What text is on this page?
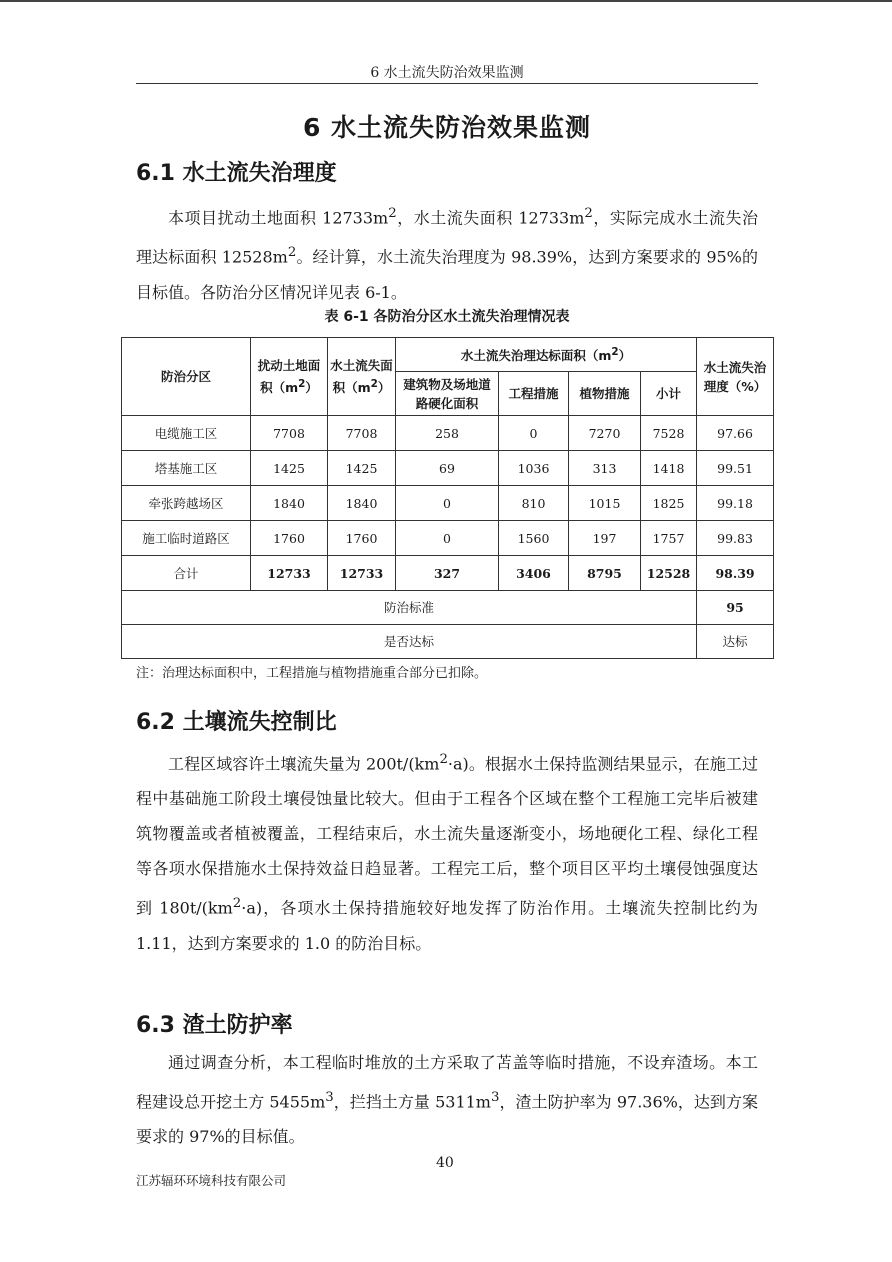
6 水土流失防治效果监测
6 水土流失防治效果监测
6.1 水土流失治理度

本项目扰动土地面积 $12733m^2$，水土流失面积 $12733m^2$，实际完成水土流失治理达标面积 $12528m^2$。经计算，水土流失治理度为 98.39%，达到方案要求的 95%的目标值。各防治分区情况详见表 6-1。

表 6-1 各防治分区水土流失治理情况表
防治分区	扰动土地面积$(m^2)$	水土流失面积$(m^2)$	水土流失治理达标面积$(m^2)$				水土流失治理度（%）
			建筑物及场地道路硬化面积	工程措施	植物措施	小计	
电缆施工区	7708	7708	258	0	7270	7528	97.66
塔基施工区	1425	1425	69	1036	313	1418	99.51
牵张跨越场区	1840	1840	0	810	1015	1825	99.18
施工临时道路区	1760	1760	0	1560	197	1757	99.83
合计	12733	12733	327	3406	8795	12528	98.39
防治标准							95
是否达标							达标
注：治理达标面积中，工程措施与植物措施重合部分已扣除。
6.2 土壤流失控制比

工程区域容许土壤流失量为 $200t/(km^2\cdot a)$。根据水土保持监测结果显示，在施工过程中基础施工阶段土壤侵蚀量比较大。但由于工程各个区域在整个工程施工完毕后被建筑物覆盖或者植被覆盖，工程结束后，水土流失量逐渐变小，场地硬化工程、绿化工程等各项水保措施水土保持效益日趋显著。工程完工后，整个项目区平均土壤侵蚀强度达到 $180t/(km^2\cdot a)$，各项水土保持措施较好地发挥了防治作用。土壤流失控制比约为 1.11，达到方案要求的 1.0 的防治目标。

6.3 渣土防护率

通过调查分析，本工程临时堆放的土方采取了苫盖等临时措施，不设弃渣场。本工程建设总开挖土方 $5455m^3$，拦挡土方量 $5311m^3$，渣土防护率为 97.36%，达到方案要求的 97%的目标值。

40
江苏辐环环境科技有限公司
